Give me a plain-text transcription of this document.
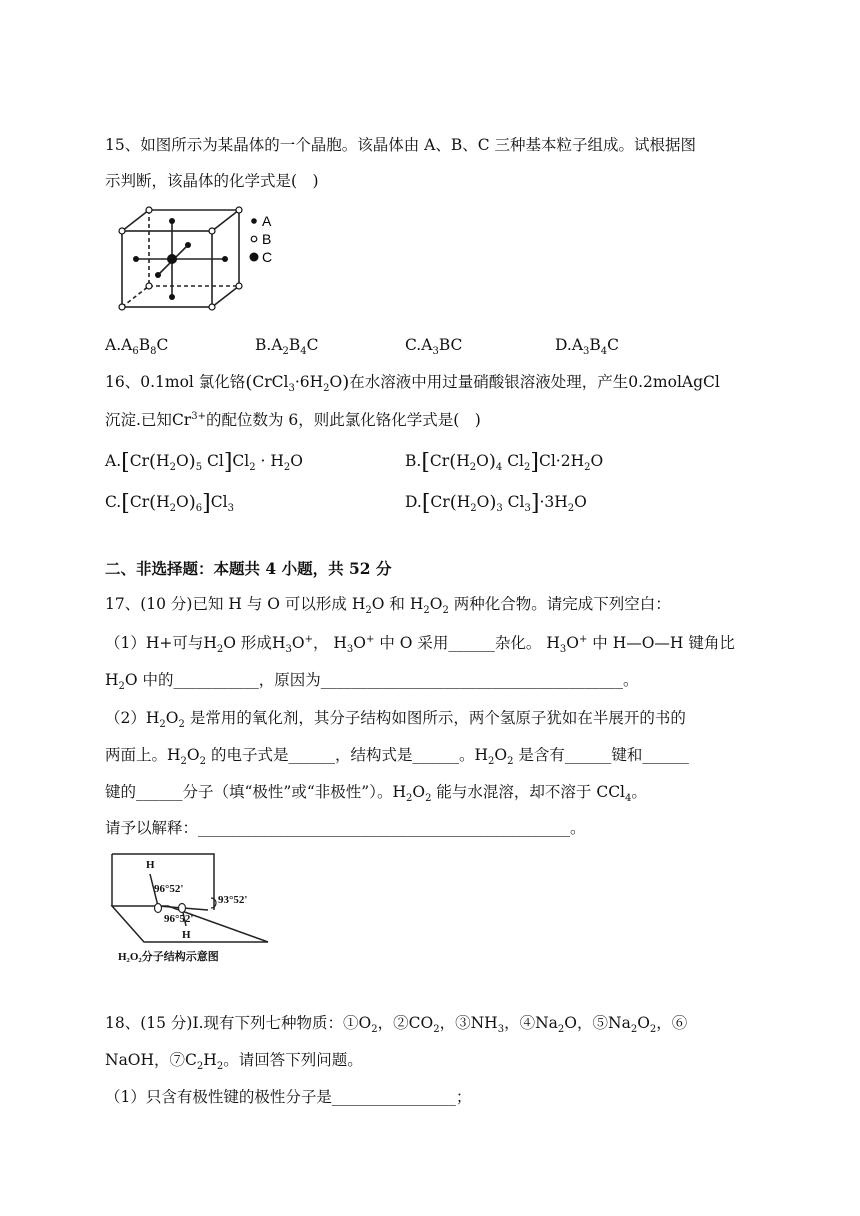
15、如图所示为某晶体的一个晶胞。该晶体由 A、B、C 三种基本粒子组成。试根据图
示判断，该晶体的化学式是(　)
A
B
C
$A.A_6B_8C$	$B.A_2B_4C$	$C.A_3BC$	$D.A_3B_4C$
16、0.1mol 氯化铬$(CrCl_3\cdot 6H_2O)$在水溶液中用过量硝酸银溶液处理，产生0.2molAgCl
沉淀.已知$Cr^{3+}$的配位数为 6，则此氯化铬化学式是(　)
$A.[Cr(H_2O)_5$ $Cl]Cl_2 \cdot H_2O$	$B.[Cr(H_2O)_4$ $Cl_2]Cl\cdot 2H_2O$
$C.[Cr(H_2O)_6]Cl_3$	$D.[Cr(H_2O)_3$ $Cl_3]\cdot 3H_2O$
二、非选择题：本题共 4 小题，共 52 分
17、(10 分)已知 H 与 O 可以形成 $H_2O$ 和 $H_2O_2$ 两种化合物。请完成下列空白：
（1）H+可与$H_2O$ 形成$H_3O^+$， $H_3O^+$ 中 O 采用______杂化。 $H_3O^+$ 中 H—O—H 键角比
$H_2O$ 中的___________，原因为_______________________________________。
$(2)H_2O_2$ 是常用的氧化剂，其分子结构如图所示，两个氢原子犹如在半展开的书的
两面上。$H_2O_2$ 的电子式是______，结构式是______。$H_2O_2$ 是含有______键和______
键的______分子（填“极性”或“非极性”）。$H_2O_2$ 能与水混溶，却不溶于 CCl$_4$。
请予以解释：________________________________________________。
H
96°52'
93°52'
96°52'
H
H₂O₂分子结构示意图
18、(15 分)Ⅰ.现有下列七种物质：$①O_2$，$②CO_2$，$③NH_3$，$④Na_2O$，$⑤Na_2O_2$，⑥
NaOH，$⑦C_2H_2$。请回答下列问题。
（1）只含有极性键的极性分子是________________；
